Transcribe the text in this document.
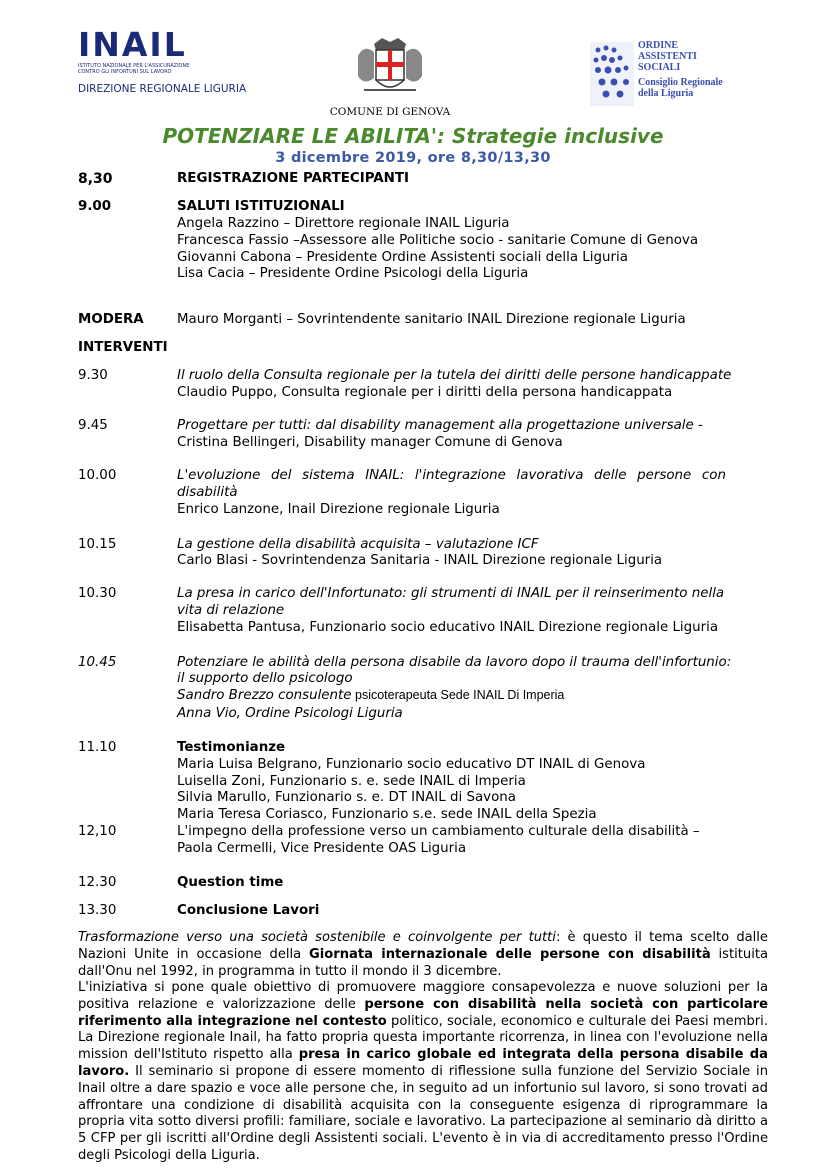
INAIL
ISTITUTO NAZIONALE PER L'ASSICURAZIONE CONTRO GLI INFORTUNI SUL LAVORO
DIREZIONE REGIONALE LIGURIA
COMUNE DI GENOVA
ORDINE
ASSISTENTI
SOCIALI
Consiglio Regionale
della Liguria
POTENZIARE LE ABILITA': Strategie inclusive
3 dicembre 2019, ore 8,30/13,30
8,30	REGISTRAZIONE PARTECIPANTI
9.00	SALUTI ISTITUZIONALI
Angela Razzino – Direttore regionale INAIL Liguria
Francesca Fassio –Assessore alle Politiche socio - sanitarie Comune di Genova
Giovanni Cabona – Presidente Ordine Assistenti sociali della Liguria
Lisa Cacia – Presidente Ordine Psicologi della Liguria
MODERA Mauro Morganti – Sovrintendente sanitario INAIL Direzione regionale Liguria
INTERVENTI
9.30	Il ruolo della Consulta regionale per la tutela dei diritti delle persone handicappate
Claudio Puppo, Consulta regionale per i diritti della persona handicappata
9.45	Progettare per tutti: dal disability management alla progettazione universale -
Cristina Bellingeri, Disability manager Comune di Genova
10.00	L'evoluzione del sistema INAIL: l'integrazione lavorativa delle persone con
disabilità
Enrico Lanzone, Inail Direzione regionale Liguria
10.15	La gestione della disabilità acquisita – valutazione ICF
Carlo Blasi - Sovrintendenza Sanitaria - INAIL Direzione regionale Liguria
10.30	La presa in carico dell'Infortunato: gli strumenti di INAIL per il reinserimento nella
vita di relazione
Elisabetta Pantusa, Funzionario socio educativo INAIL Direzione regionale Liguria
10.45	Potenziare le abilità della persona disabile da lavoro dopo il trauma dell'infortunio:
il supporto dello psicologo
Sandro Brezzo consulente psicoterapeuta Sede INAIL Di Imperia
Anna Vio, Ordine Psicologi Liguria
11.10	Testimonianze
Maria Luisa Belgrano, Funzionario socio educativo DT INAIL di Genova
Luisella Zoni, Funzionario s. e. sede INAIL di Imperia
Silvia Marullo, Funzionario s. e. DT INAIL di Savona
Maria Teresa Coriasco, Funzionario s.e. sede INAIL della Spezia
12,10	L'impegno della professione verso un cambiamento culturale della disabilità –
Paola Cermelli, Vice Presidente OAS Liguria
12.30	Question time
13.30	Conclusione Lavori
Trasformazione verso una società sostenibile e coinvolgente per tutti: è questo il tema scelto dalle Nazioni Unite in occasione della Giornata internazionale delle persone con disabilità istituita dall'Onu nel 1992, in programma in tutto il mondo il 3 dicembre.
L'iniziativa si pone quale obiettivo di promuovere maggiore consapevolezza e nuove soluzioni per la positiva relazione e valorizzazione delle persone con disabilità nella società con particolare riferimento alla integrazione nel contesto politico, sociale, economico e culturale dei Paesi membri. La Direzione regionale Inail, ha fatto propria questa importante ricorrenza, in linea con l'evoluzione nella mission dell'Istituto rispetto alla presa in carico globale ed integrata della persona disabile da lavoro. Il seminario si propone di essere momento di riflessione sulla funzione del Servizio Sociale in Inail oltre a dare spazio e voce alle persone che, in seguito ad un infortunio sul lavoro, si sono trovati ad affrontare una condizione di disabilità acquisita con la conseguente esigenza di riprogrammare la propria vita sotto diversi profili: familiare, sociale e lavorativo. La partecipazione al seminario dà diritto a 5 CFP per gli iscritti all'Ordine degli Assistenti sociali. L'evento è in via di accreditamento presso l'Ordine degli Psicologi della Liguria.
